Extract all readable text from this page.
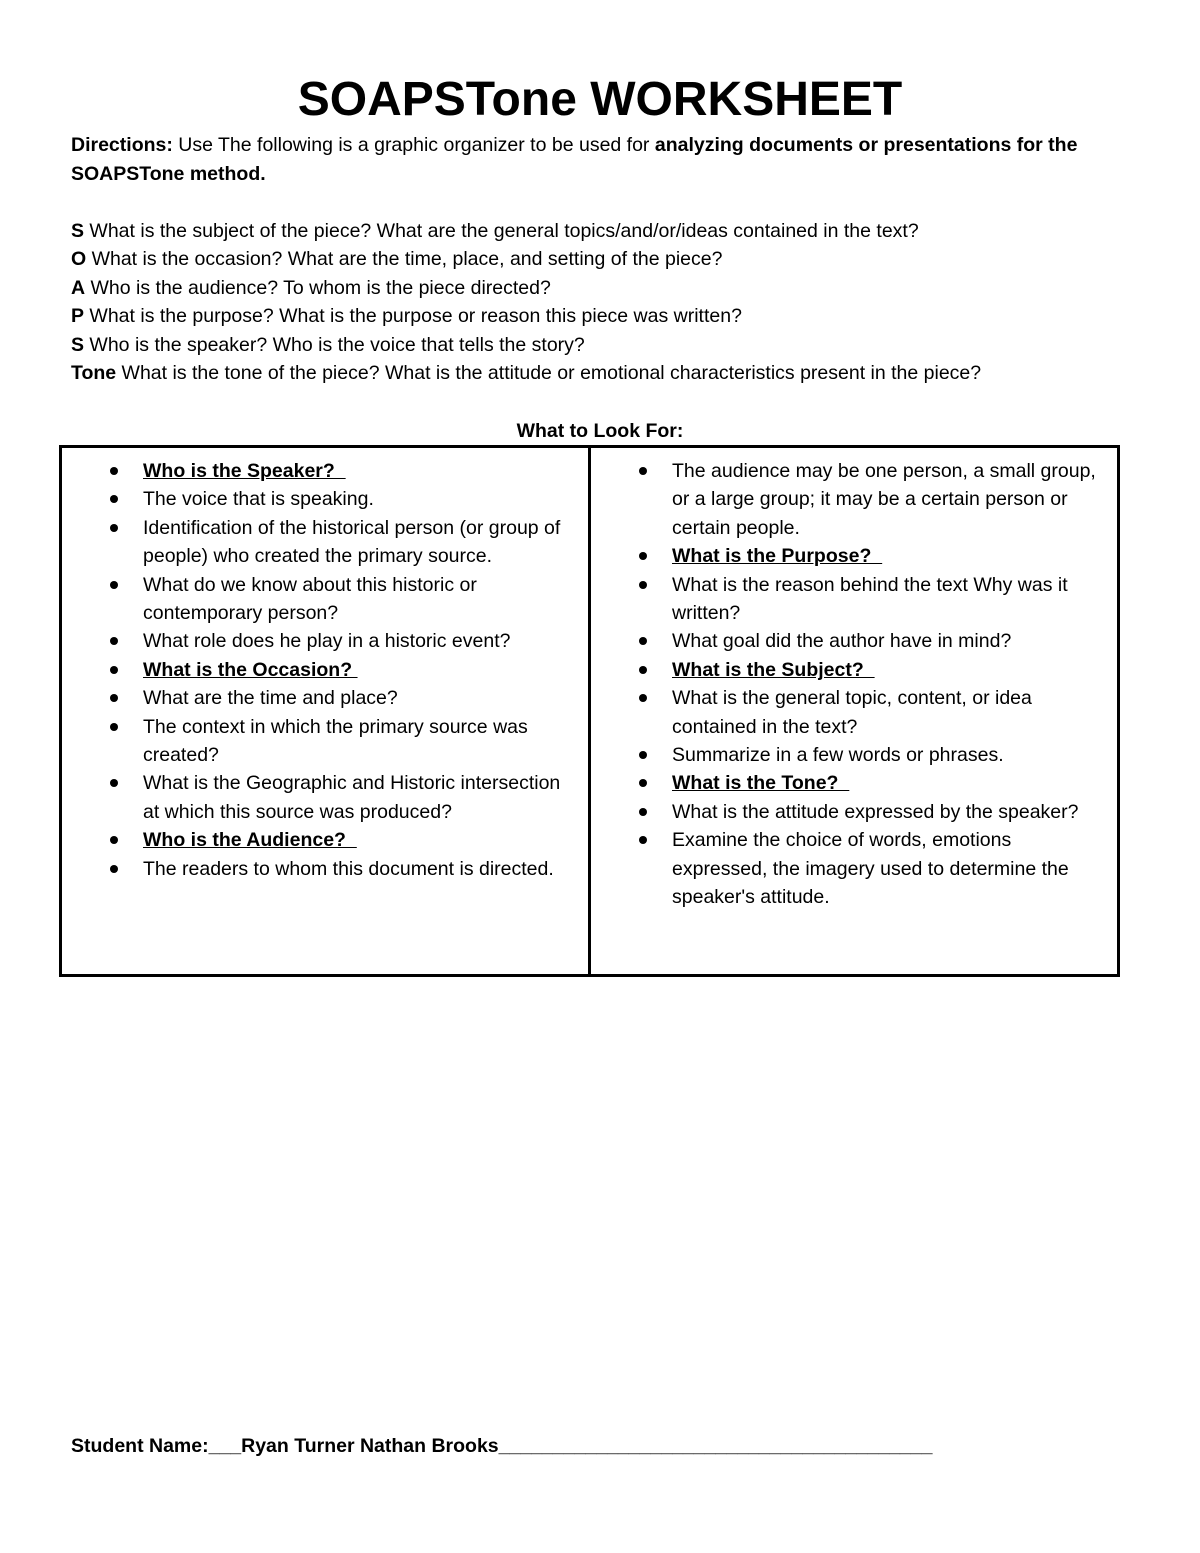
SOAPSTone WORKSHEET
Directions: Use The following is a graphic organizer to be used for analyzing documents or presentations for the SOAPSTone method.
S What is the subject of the piece? What are the general topics/and/or/ideas contained in the text?
O What is the occasion? What are the time, place, and setting of the piece?
A Who is the audience? To whom is the piece directed?
P What is the purpose? What is the purpose or reason this piece was written?
S Who is the speaker? Who is the voice that tells the story?
Tone What is the tone of the piece? What is the attitude or emotional characteristics present in the piece?
What to Look For:
Who is the Speaker?
The voice that is speaking.
Identification of the historical person (or group of people) who created the primary source.
What do we know about this historic or contemporary person?
What role does he play in a historic event?
What is the Occasion?
What are the time and place?
The context in which the primary source was created?
What is the Geographic and Historic intersection at which this source was produced?
Who is the Audience?
The readers to whom this document is directed.
The audience may be one person, a small group, or a large group; it may be a certain person or certain people.
What is the Purpose?
What is the reason behind the text Why was it written?
What goal did the author have in mind?
What is the Subject?
What is the general topic, content, or idea contained in the text?
Summarize in a few words or phrases.
What is the Tone?
What is the attitude expressed by the speaker?
Examine the choice of words, emotions expressed, the imagery used to determine the speaker's attitude.
Student Name:___Ryan Turner Nathan Brooks________________________________________
